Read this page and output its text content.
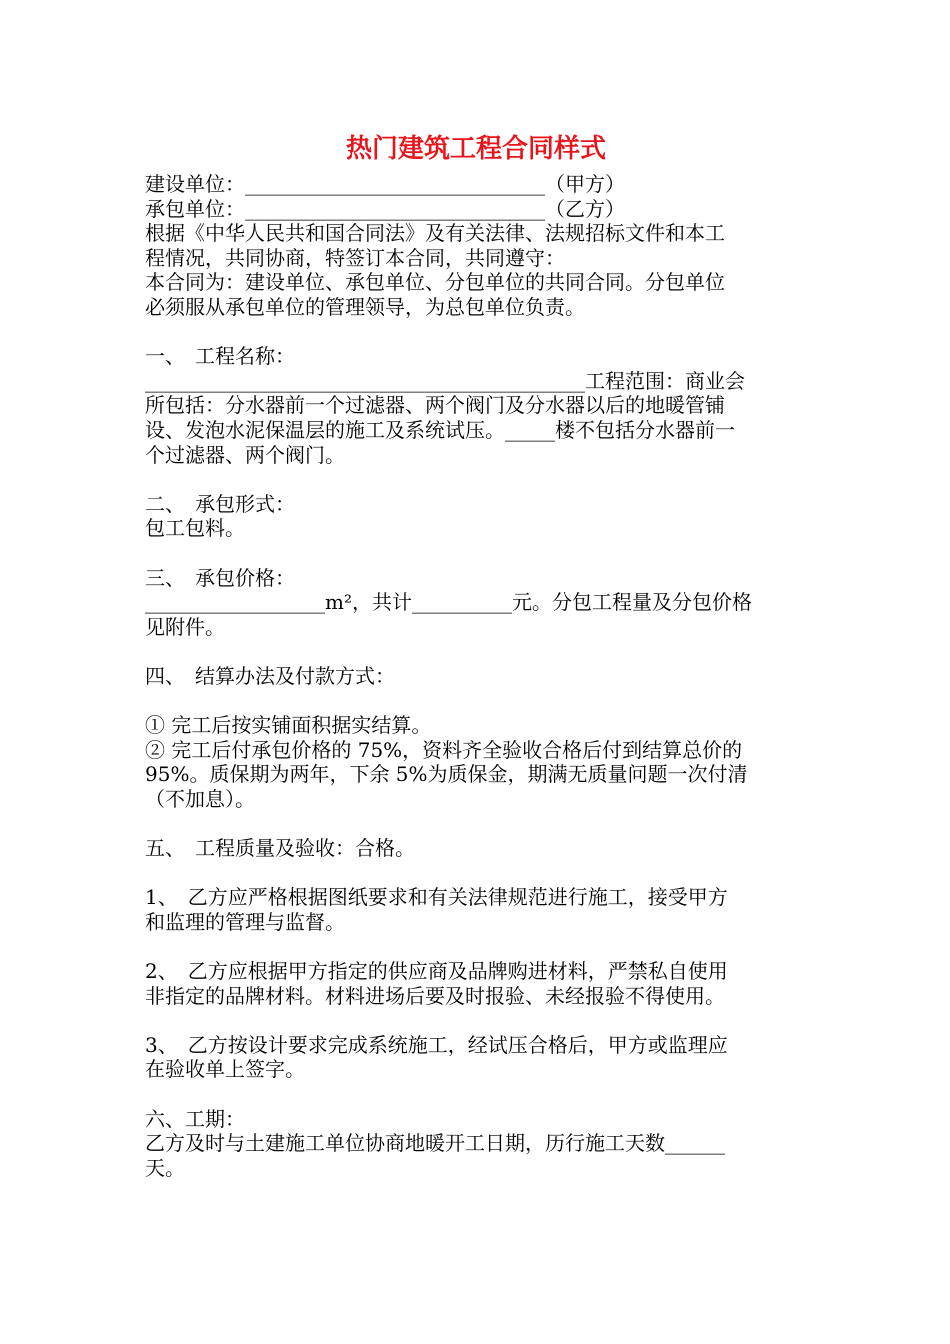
热门建筑工程合同样式

建设单位：______________________________（甲方）

承包单位：______________________________（乙方）

根据《中华人民共和国合同法》及有关法律、法规招标文件和本工

程情况，共同协商，特签订本合同，共同遵守：

本合同为：建设单位、承包单位、分包单位的共同合同。分包单位

必须服从承包单位的管理领导，为总包单位负责。

一、　工程名称：

____________________________________________工程范围：商业会

所包括：分水器前一个过滤器、两个阀门及分水器以后的地暖管铺

设、发泡水泥保温层的施工及系统试压。_____楼不包括分水器前一

个过滤器、两个阀门。

二、　承包形式：

包工包料。

三、　承包价格：

__________________m²，共计__________元。分包工程量及分包价格

见附件。

四、　结算办法及付款方式：

① 完工后按实铺面积据实结算。

② 完工后付承包价格的 75%，资料齐全验收合格后付到结算总价的

95%。质保期为两年，下余 5%为质保金，期满无质量问题一次付清

（不加息）。

五、　工程质量及验收：合格。

1、　乙方应严格根据图纸要求和有关法律规范进行施工，接受甲方

和监理的管理与监督。

2、　乙方应根据甲方指定的供应商及品牌购进材料，严禁私自使用

非指定的品牌材料。材料进场后要及时报验、未经报验不得使用。

3、　乙方按设计要求完成系统施工，经试压合格后，甲方或监理应

在验收单上签字。

六、工期：

乙方及时与土建施工单位协商地暖开工日期，历行施工天数______

天。
